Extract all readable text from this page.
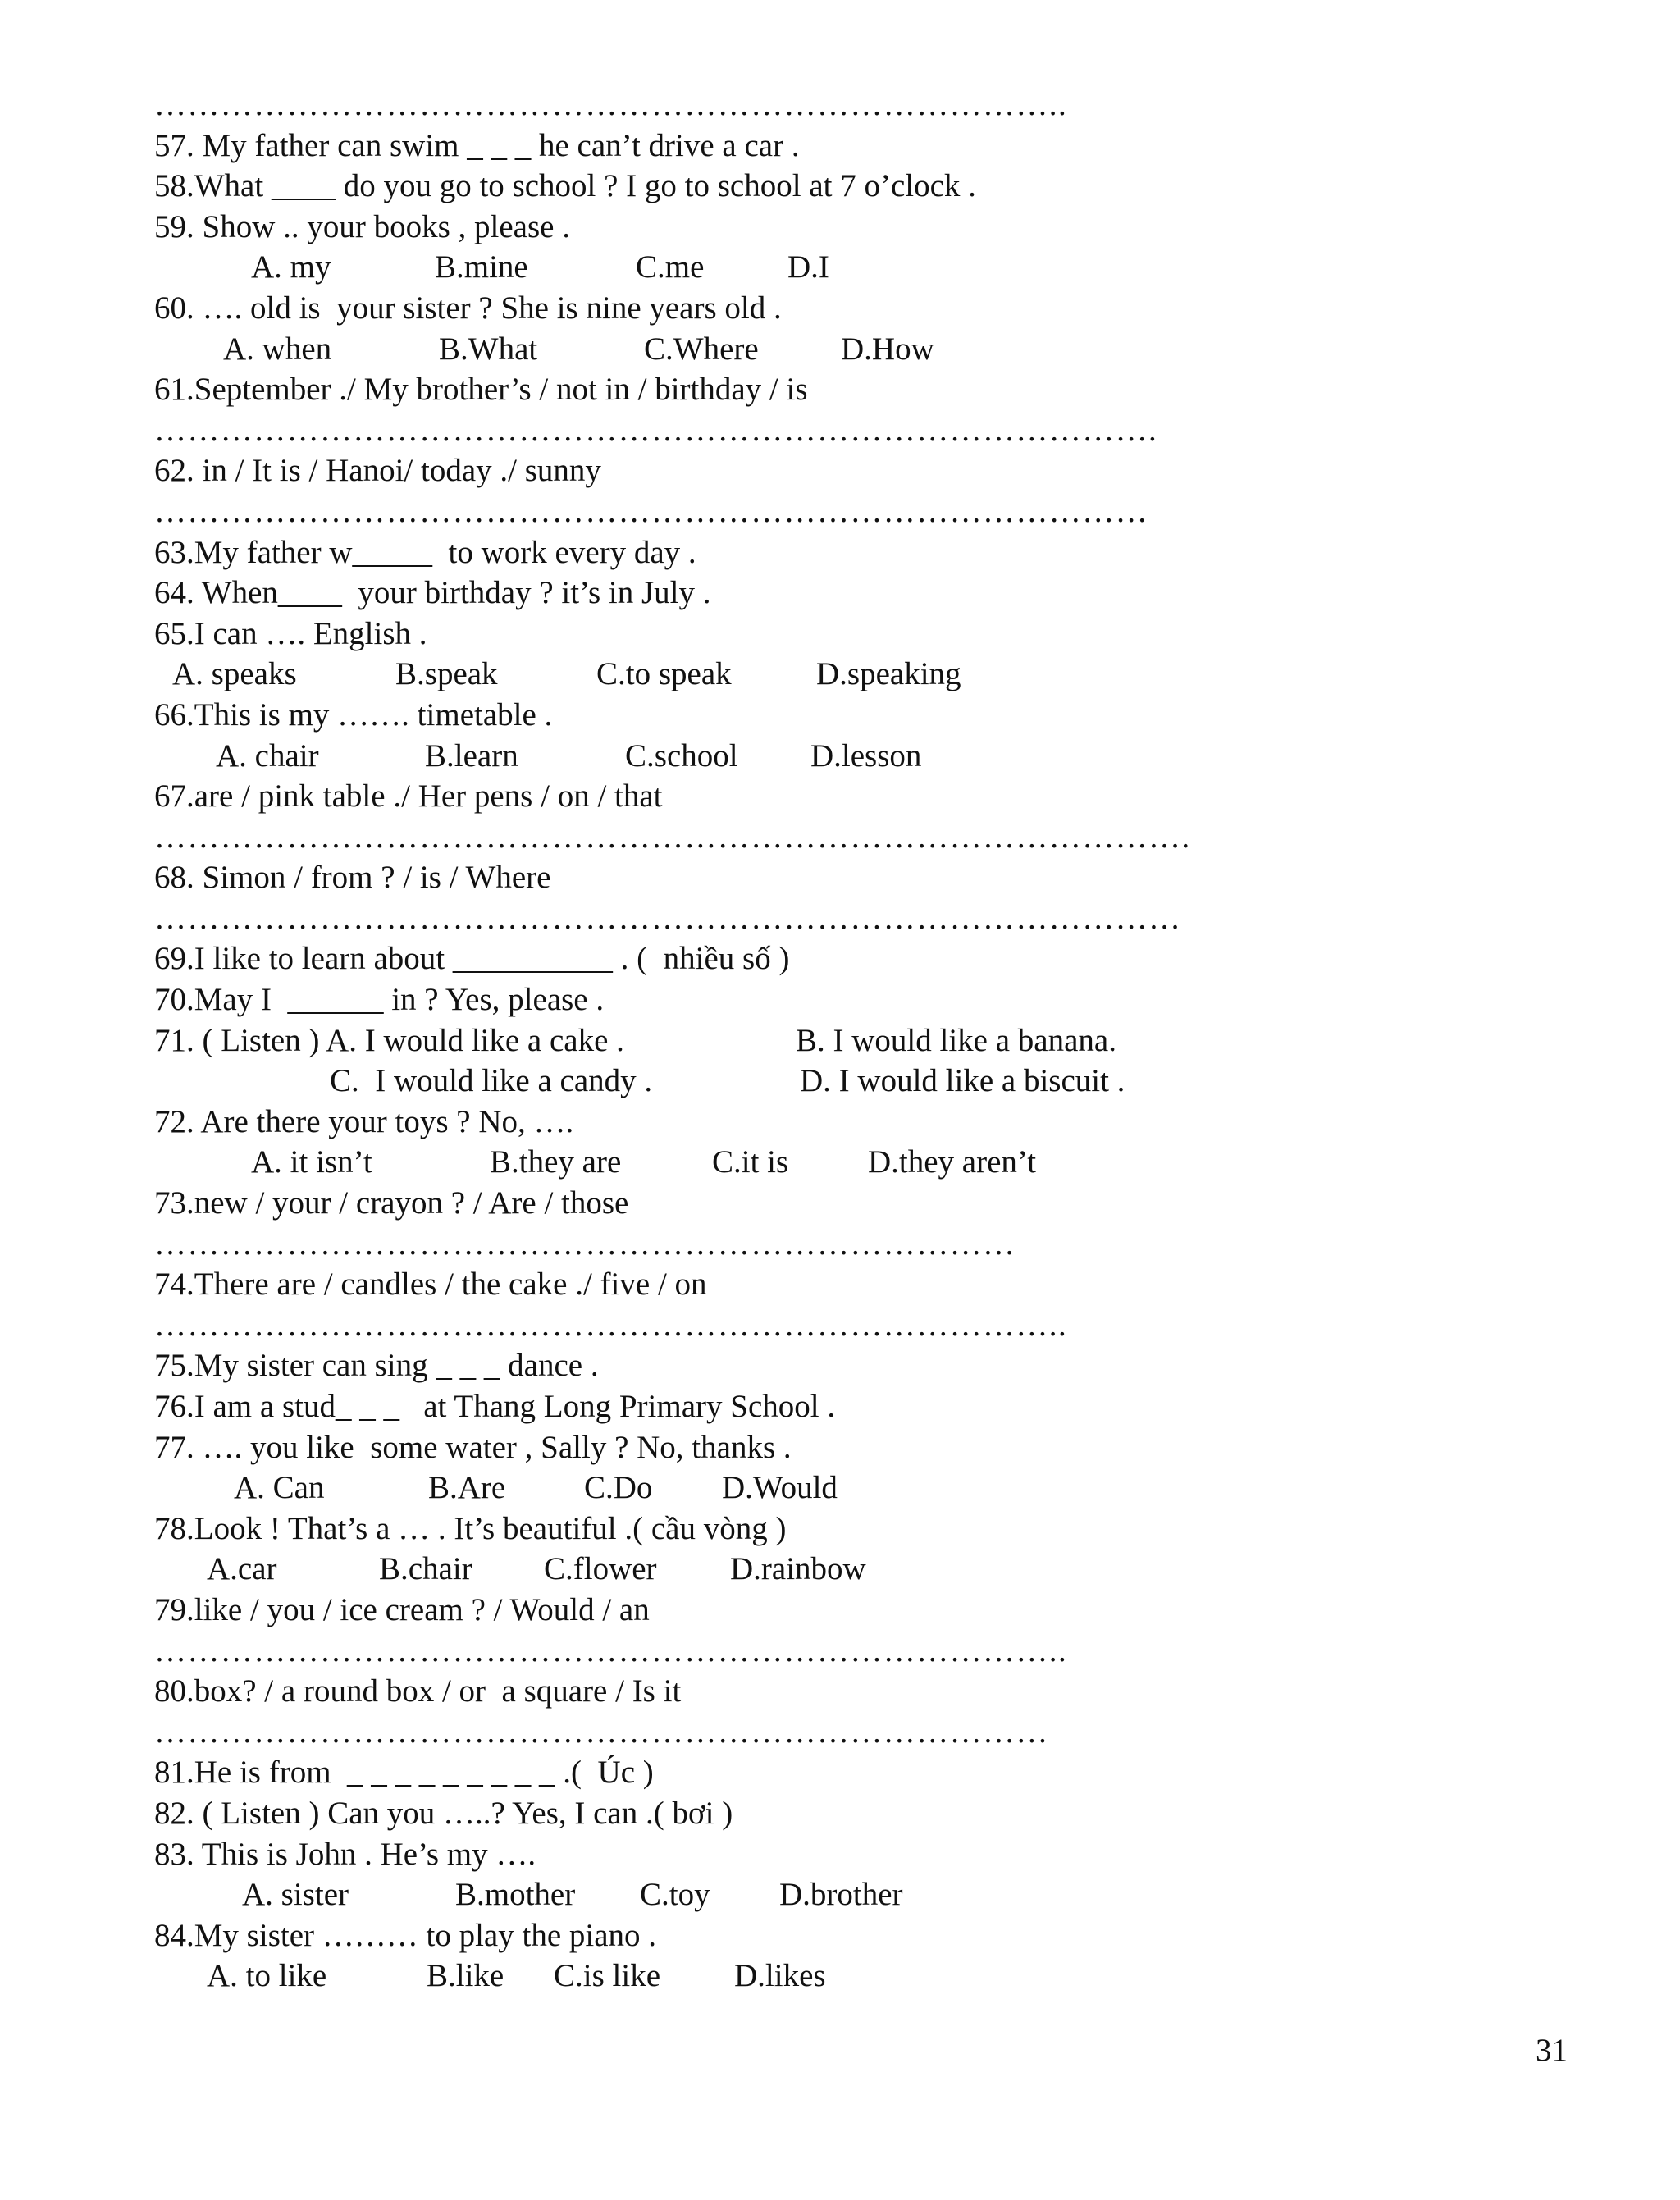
………………………………………………………………………..

57. My father can swim _ _ _ he can’t drive a car .

58.What ____ do you go to school ? I go to school at 7 o’clock .

59. Show .. your books , please .

A. my

	B.mine

	C.me

	D.I

60. …. old is  your sister ? She is nine years old .

A. when

	B.What

	C.Where

	D.How

61.September ./ My brother’s / not in / birthday / is

……………………………………………………………………………….

62. in / It is / Hanoi/ today ./ sunny

………………………………………………………………………………

63.My father w_____  to work every day .

64. When____  your birthday ? it’s in July .

65.I can …. English .

A. speaks

	B.speak

	C.to speak

	D.speaking

66.This is my ……. timetable .

A. chair

	B.learn

	C.school

D.lesson

67.are / pink table ./ Her pens / on / that

………………………………………………………………………………….

68. Simon / from ? / is / Where

…………………………………………………………………………………

69.I like to learn about __________ . (  nhiều số )

70.May I  ______ in ? Yes, please .

71. ( Listen ) A. I would like a cake .

	B. I would like a banana.

C.  I would like a candy .

	D. I would like a biscuit .

72. Are there your toys ? No, ….

A. it isn’t

	B.they are

	C.it is

D.they aren’t

73.new / your / crayon ? / Are / those

……………………………………………………………………

74.There are / candles / the cake ./ five / on

………………………………………………………………………..

75.My sister can sing _ _ _ dance .

76.I am a stud_ _ _   at Thang Long Primary School .

77. …. you like  some water , Sally ? No, thanks .

A. Can

	B.Are

C.Do

D.Would

78.Look ! That’s a … . It’s beautiful .( cầu vòng )

A.car

	B.chair

C.flower

D.rainbow

79.like / you / ice cream ? / Would / an

………………………………………………………………………..

80.box? / a round box / or  a square / Is it

………………………………………………………………………

81.He is from  _ _ _ _ _ _ _ _ _ .(  Úc )

82. ( Listen ) Can you …..? Yes, I can .( bơi )

83. This is John . He’s my ….

A. sister

	B.mother

C.toy

D.brother

84.My sister ……… to play the piano .

A. to like

	B.like

C.is like

D.likes

31
